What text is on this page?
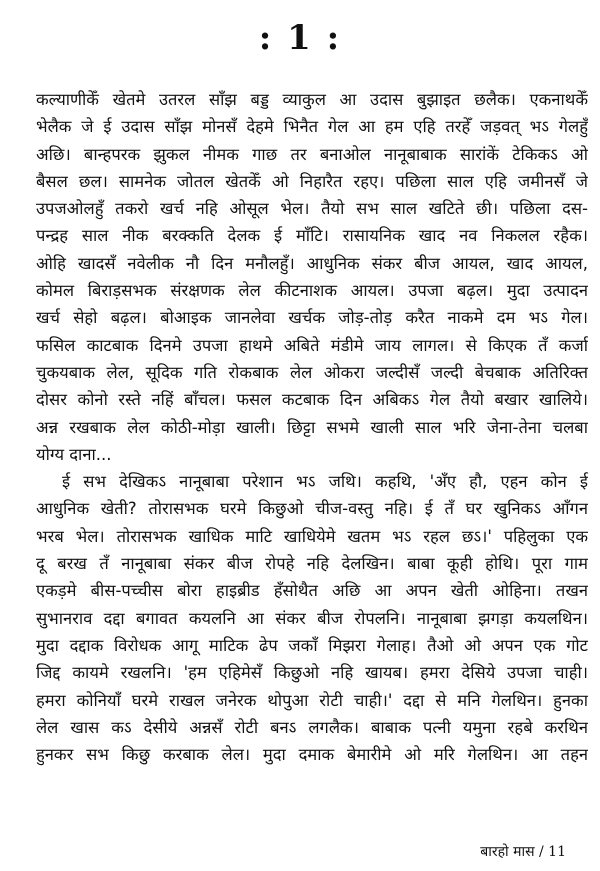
: 1 :
कल्याणीकेँ खेतमे उतरल साँझ बड्ड व्याकुल आ उदास बुझाइत छलैक। एकनाथकेँ
भेलैक जे ई उदास साँझ मोनसँ देहमे भिनैत गेल आ हम एहि तरहेँ जड़वत् भऽ गेलहुँ
अछि। बान्हपरक झुकल नीमक गाछ तर बनाओल नानूबाबाक सारांकें टेकिकऽ ओ
बैसल छल। सामनेक जोतल खेतकेँ ओ निहारैत रहए। पछिला साल एहि जमीनसँ जे
उपजओलहुँ तकरो खर्च नहि ओसूल भेल। तैयो सभ साल खटिते छी। पछिला दस-
पन्द्रह साल नीक बरक्कति देलक ई माँटि। रासायनिक खाद नव निकलल रहैक।
ओहि खादसँ नवेलीक नौ दिन मनौलहुँ। आधुनिक संकर बीज आयल, खाद आयल,
कोमल बिराड़सभक संरक्षणक लेल कीटनाशक आयल। उपजा बढ़ल। मुदा उत्पादन
खर्च सेहो बढ़ल। बोआइक जानलेवा खर्चक जोड़-तोड़ करैत नाकमे दम भऽ गेल।
फसिल काटबाक दिनमे उपजा हाथमे अबिते मंडीमे जाय लागल। से किएक तँ कर्जा
चुकयबाक लेल, सूदिक गति रोकबाक लेल ओकरा जल्दीसँ जल्दी बेचबाक अतिरिक्त
दोसर कोनो रस्ते नहिं बाँचल। फसल कटबाक दिन अबिकऽ गेल तैयो बखार खालिये।
अन्न रखबाक लेल कोठी-मोड़ा खाली। छिट्टा सभमे खाली साल भरि जेना-तेना चलबा
योग्य दाना...
ई सभ देखिकऽ नानूबाबा परेशान भऽ जथि। कहथि, 'अँए हौ, एहन कोन ई
आधुनिक खेती? तोरासभक घरमे किछुओ चीज-वस्तु नहि। ई तँ घर खुनिकऽ आँगन
भरब भेल। तोरासभक खाधिक माटि खाधियेमे खतम भऽ रहल छऽ।' पहिलुका एक
दू बरख तँ नानूबाबा संकर बीज रोपहे नहि देलखिन। बाबा कूही होथि। पूरा गाम
एकड़मे बीस-पच्चीस बोरा हाइब्रीड हँसोथैत अछि आ अपन खेती ओहिना। तखन
सुभानराव दद्दा बगावत कयलनि आ संकर बीज रोपलनि। नानूबाबा झगड़ा कयलथिन।
मुदा दद्दाक विरोधक आगू माटिक ढेप जकाँ मिझरा गेलाह। तैओ ओ अपन एक गोट
जिद्द कायमे रखलनि। 'हम एहिमेसँ किछुओ नहि खायब। हमरा देसिये उपजा चाही।
हमरा कोनियाँ घरमे राखल जनेरक थोपुआ रोटी चाही।' दद्दा से मनि गेलथिन। हुनका
लेल खास कऽ देसीये अन्नसँ रोटी बनऽ लगलैक। बाबाक पत्नी यमुना रहबे करथिन
हुनकर सभ किछु करबाक लेल। मुदा दमाक बेमारीमे ओ मरि गेलथिन। आ तहन
बारहो मास / 11
